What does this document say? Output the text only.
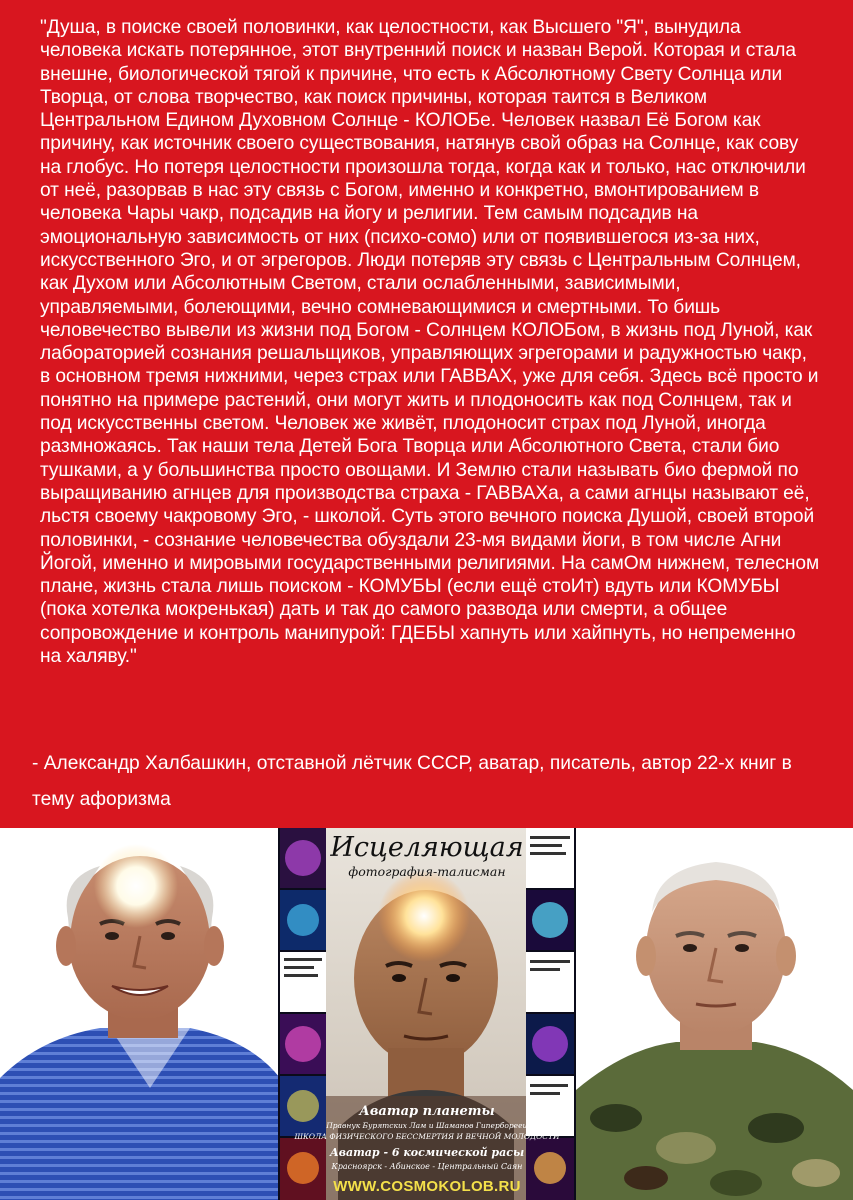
"Душа, в поиске своей половинки, как целостности, как Высшего "Я", вынудила человека искать потерянное, этот внутренний поиск и назван Верой. Которая и стала внешне, биологической тягой к причине, что есть к Абсолютному Свету Солнца или Творца, от слова творчество, как поиск причины, которая таится в Великом Центральном Едином Духовном Солнце - КОЛОБе. Человек назвал Её Богом как причину, как источник своего существования, натянув свой образ на Солнце, как сову на глобус. Но потеря целостности произошла тогда, когда как и только, нас отключили от неё, разорвав в нас эту связь с Богом, именно и конкретно, вмонтированием в человека Чары чакр, подсадив на йогу и религии. Тем самым подсадив на эмоциональную зависимость от них (психо-сомо) или от появившегося из-за них, искусственного Эго, и от эгрегоров. Люди потеряв эту связь с Центральным Солнцем, как Духом или Абсолютным Светом, стали ослабленными, зависимыми, управляемыми, болеющими, вечно сомневающимися и смертными. То бишь человечество вывели из жизни под Богом - Солнцем КОЛОБом, в жизнь под Луной, как лабораторией сознания решальщиков, управляющих эгрегорами и радужностью чакр, в основном тремя нижними, через страх или ГАВВАХ, уже для себя. Здесь всё просто и понятно на примере растений, они могут жить и плодоносить как под Солнцем, так и под искусственны светом. Человек же живёт, плодоносит страх под Луной, иногда размножаясь. Так наши тела Детей Бога Творца или Абсолютного Света, стали био тушками, а у большинства просто овощами. И Землю стали называть био фермой по выращиванию агнцев для производства страха - ГАВВАХа, а сами агнцы называют её, льстя своему чакровому Эго, - школой. Суть этого вечного поиска Душой, своей второй половинки, - сознание человечества обуздали 23-мя видами йоги, в том числе Агни Йогой, именно и мировыми государственными религиями. На самОм нижнем, телесном плане, жизнь стала лишь поиском - КОМУБЫ (если ещё стоИт) вдуть или КОМУБЫ (пока хотелка мокренькая) дать и так до самого развода или смерти, а общее сопровождение и контроль манипурой: ГДЕБЫ хапнуть или хайпнуть, но непременно на халяву."

- Александр Халбашкин, отставной лётчик СССР, аватар, писатель, автор 22-х книг в тему афоризма

Исцеляющая
фотография-талисман
Аватар планеты
Правнук Бурятских Лам и Шаманов Гипербореец
ШКОЛА ФИЗИЧЕСКОГО БЕССМЕРТИЯ И ВЕЧНОЙ МОЛОДОСТИ
Аватар - 6 космической расы
Красноярск - Абинское - Центральный Саян
WWW.COSMOKOLOB.RU
